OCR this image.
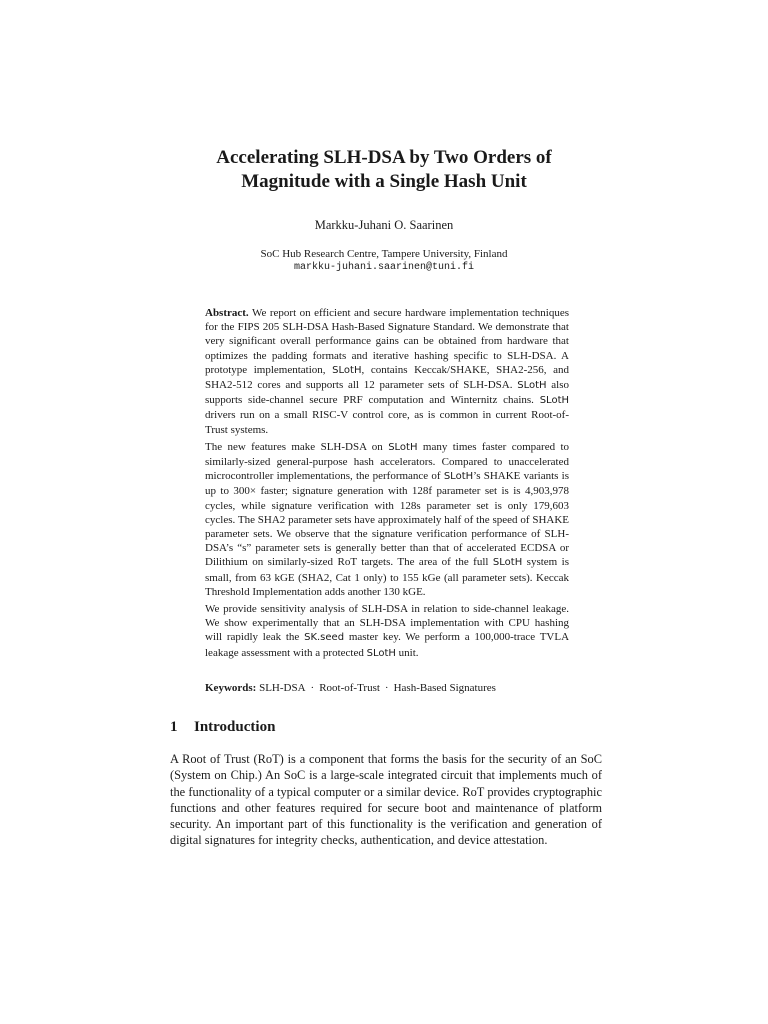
Accelerating SLH-DSA by Two Orders of
Magnitude with a Single Hash Unit
Markku-Juhani O. Saarinen
SoC Hub Research Centre, Tampere University, Finland
markku-juhani.saarinen@tuni.fi

Abstract. We report on efficient and secure hardware implementation techniques for the FIPS 205 SLH-DSA Hash-Based Signature Standard. We demonstrate that very significant overall performance gains can be obtained from hardware that optimizes the padding formats and iterative hashing specific to SLH-DSA. A prototype implementation, SLotH, contains Keccak/SHAKE, SHA2-256, and SHA2-512 cores and supports all 12 parameter sets of SLH-DSA. SLotH also supports side-channel secure PRF computation and Winternitz chains. SLotH drivers run on a small RISC-V control core, as is common in current Root-of-Trust systems.

The new features make SLH-DSA on SLotH many times faster compared to similarly-sized general-purpose hash accelerators. Compared to unaccelerated microcontroller implementations, the performance of SLotH’s SHAKE variants is up to 300× faster; signature generation with 128f parameter set is is 4,903,978 cycles, while signature verification with 128s parameter set is only 179,603 cycles. The SHA2 parameter sets have approximately half of the speed of SHAKE parameter sets. We observe that the signature verification performance of SLH-DSA’s “s” parameter sets is generally better than that of accelerated ECDSA or Dilithium on similarly-sized RoT targets. The area of the full SLotH system is small, from 63 kGE (SHA2, Cat 1 only) to 155 kGe (all parameter sets). Keccak Threshold Implementation adds another 130 kGE.

We provide sensitivity analysis of SLH-DSA in relation to side-channel leakage. We show experimentally that an SLH-DSA implementation with CPU hashing will rapidly leak the SK.seed master key. We perform a 100,000-trace TVLA leakage assessment with a protected SLotH unit.

Keywords: SLH-DSA · Root-of-Trust · Hash-Based Signatures
1 Introduction

A Root of Trust (RoT) is a component that forms the basis for the security of an SoC (System on Chip.) An SoC is a large-scale integrated circuit that implements much of the functionality of a typical computer or a similar device. RoT provides cryptographic functions and other features required for secure boot and maintenance of platform security. An important part of this functionality is the verification and generation of digital signatures for integrity checks, authentication, and device attestation.
